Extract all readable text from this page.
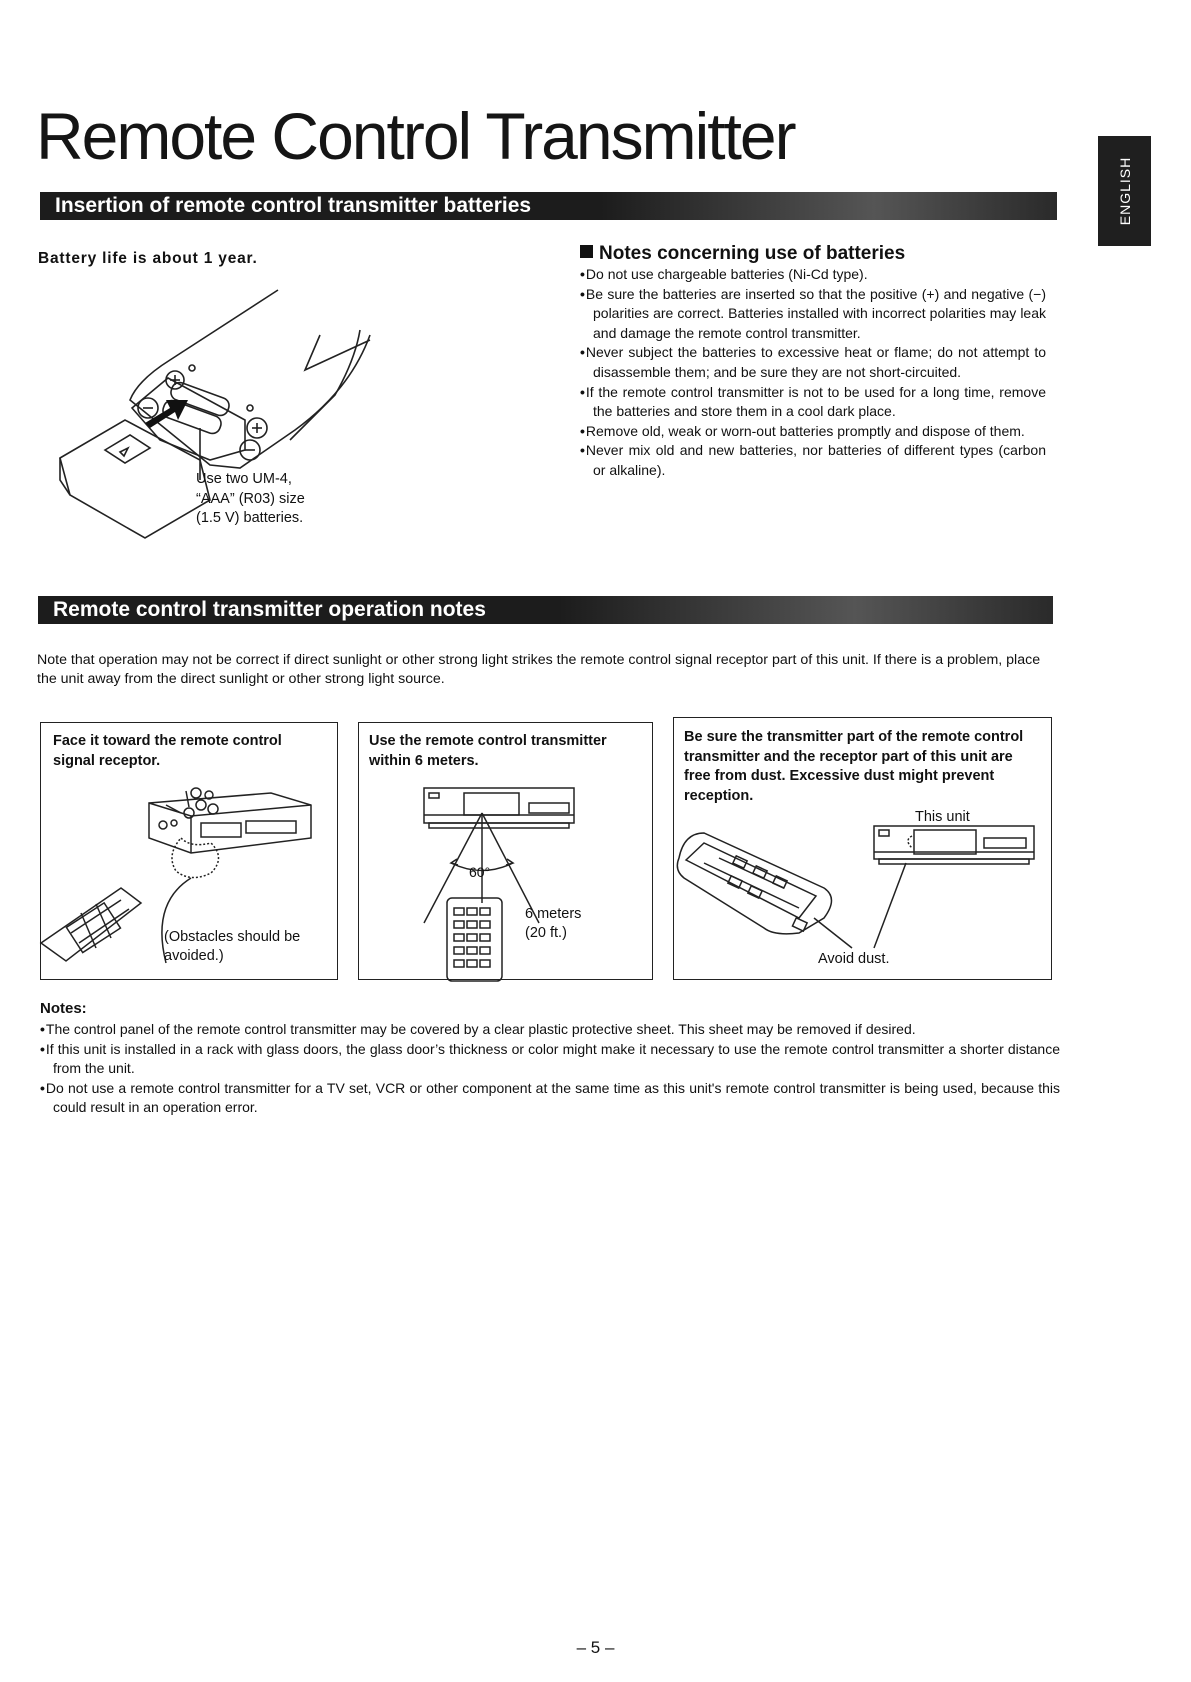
Remote Control Transmitter
ENGLISH
Insertion of remote control transmitter batteries
Battery life is about 1 year.
Use two UM-4,
“AAA” (R03) size
(1.5 V) batteries.
Notes concerning use of batteries
•Do not use chargeable batteries (Ni-Cd type).
•Be sure the batteries are inserted so that the positive (+) and negative (−) polarities are correct. Batteries installed with incorrect polarities may leak and damage the remote control transmitter.
•Never subject the batteries to excessive heat or flame; do not attempt to disassemble them; and be sure they are not short-circuited.
•If the remote control transmitter is not to be used for a long time, remove the batteries and store them in a cool dark place.
•Remove old, weak or worn-out batteries promptly and dispose of them.
•Never mix old and new batteries, nor batteries of different types (carbon or alkaline).
Remote control transmitter operation notes
Note that operation may not be correct if direct sunlight or other strong light strikes the remote control signal receptor part of this unit. If there is a problem, place the unit away from the direct sunlight or other strong light source.
Face it toward the remote control signal receptor.
(Obstacles should be
avoided.)
Use the remote control transmitter within 6 meters.
60°
6 meters
(20 ft.)
Be sure the transmitter part of the remote control transmitter and the receptor part of this unit are free from dust. Excessive dust might prevent reception.
This unit
Avoid dust.
Notes:
•The control panel of the remote control transmitter may be covered by a clear plastic protective sheet. This sheet may be removed if desired.
•If this unit is installed in a rack with glass doors, the glass door’s thickness or color might make it necessary to use the remote control transmitter a shorter distance from the unit.
•Do not use a remote control transmitter for a TV set, VCR or other component at the same time as this unit's remote control transmitter is being used, because this could result in an operation error.
– 5 –
